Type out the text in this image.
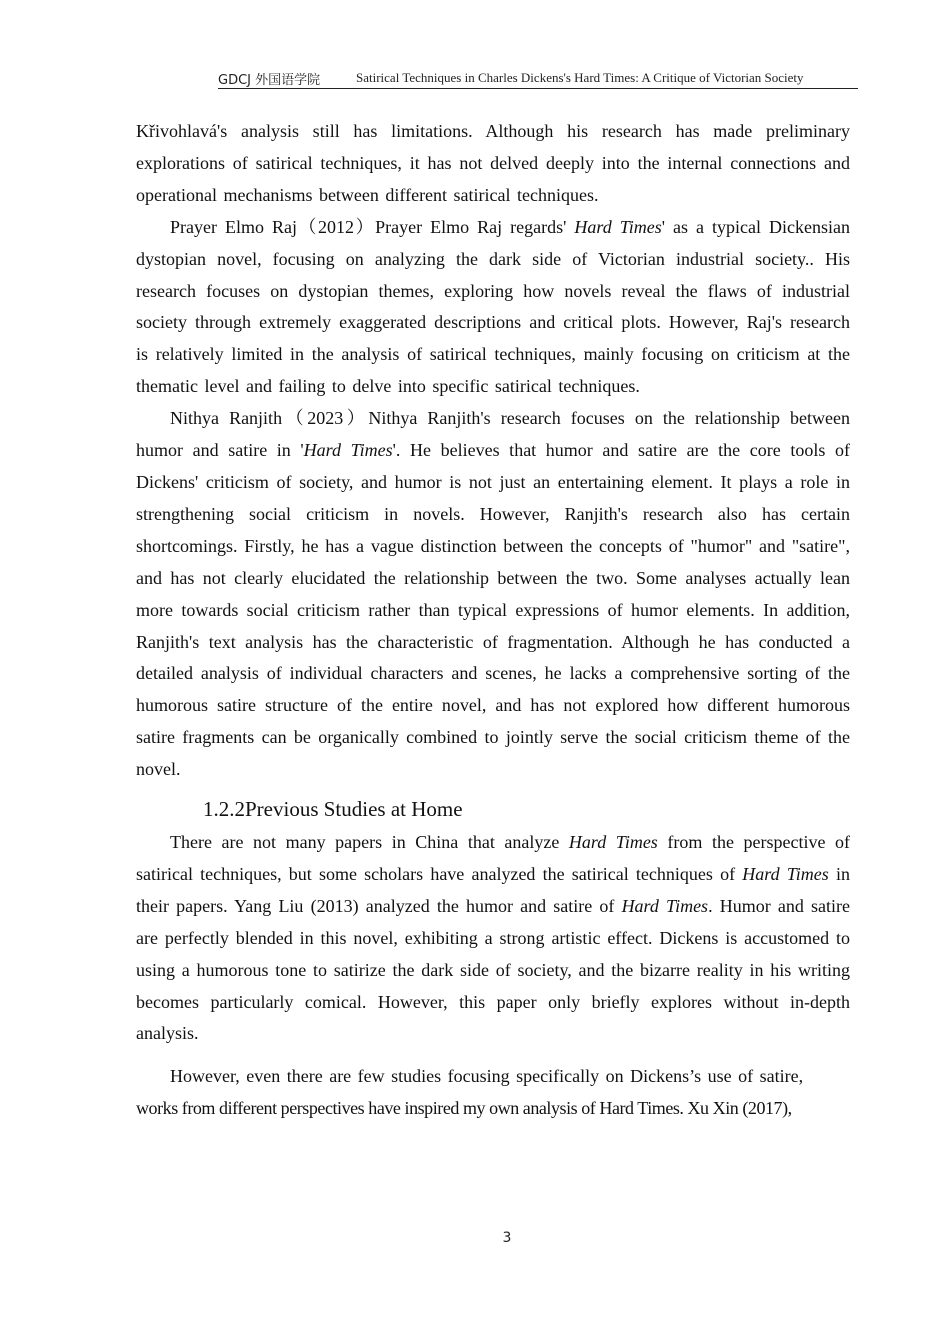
GDCJ 外国语学院	Satirical Techniques in Charles Dickens's Hard Times: A Critique of Victorian Society

Křivohlavá's analysis still has limitations. Although his research has made preliminary explorations of satirical techniques, it has not delved deeply into the internal connections and operational mechanisms between different satirical techniques.

Prayer Elmo Raj（2012）Prayer Elmo Raj regards' Hard Times' as a typical Dickensian dystopian novel, focusing on analyzing the dark side of Victorian industrial society.. His research focuses on dystopian themes, exploring how novels reveal the flaws of industrial society through extremely exaggerated descriptions and critical plots. However, Raj's research is relatively limited in the analysis of satirical techniques, mainly focusing on criticism at the thematic level and failing to delve into specific satirical techniques.

Nithya Ranjith（2023）Nithya Ranjith's research focuses on the relationship between humor and satire in 'Hard Times'. He believes that humor and satire are the core tools of Dickens' criticism of society, and humor is not just an entertaining element. It plays a role in strengthening social criticism in novels. However, Ranjith's research also has certain shortcomings. Firstly, he has a vague distinction between the concepts of "humor" and "satire", and has not clearly elucidated the relationship between the two. Some analyses actually lean more towards social criticism rather than typical expressions of humor elements. In addition, Ranjith's text analysis has the characteristic of fragmentation. Although he has conducted a detailed analysis of individual characters and scenes, he lacks a comprehensive sorting of the humorous satire structure of the entire novel, and has not explored how different humorous satire fragments can be organically combined to jointly serve the social criticism theme of the novel.

1.2.2Previous Studies at Home

There are not many papers in China that analyze Hard Times from the perspective of satirical techniques, but some scholars have analyzed the satirical techniques of Hard Times in their papers. Yang Liu (2013) analyzed the humor and satire of Hard Times. Humor and satire are perfectly blended in this novel, exhibiting a strong artistic effect. Dickens is accustomed to using a humorous tone to satirize the dark side of society, and the bizarre reality in his writing becomes particularly comical. However, this paper only briefly explores without in-depth analysis.

However, even there are few studies focusing specifically on Dickens’s use of satire,

works from different perspectives have inspired my own analysis of Hard Times. Xu Xin (2017),

3
